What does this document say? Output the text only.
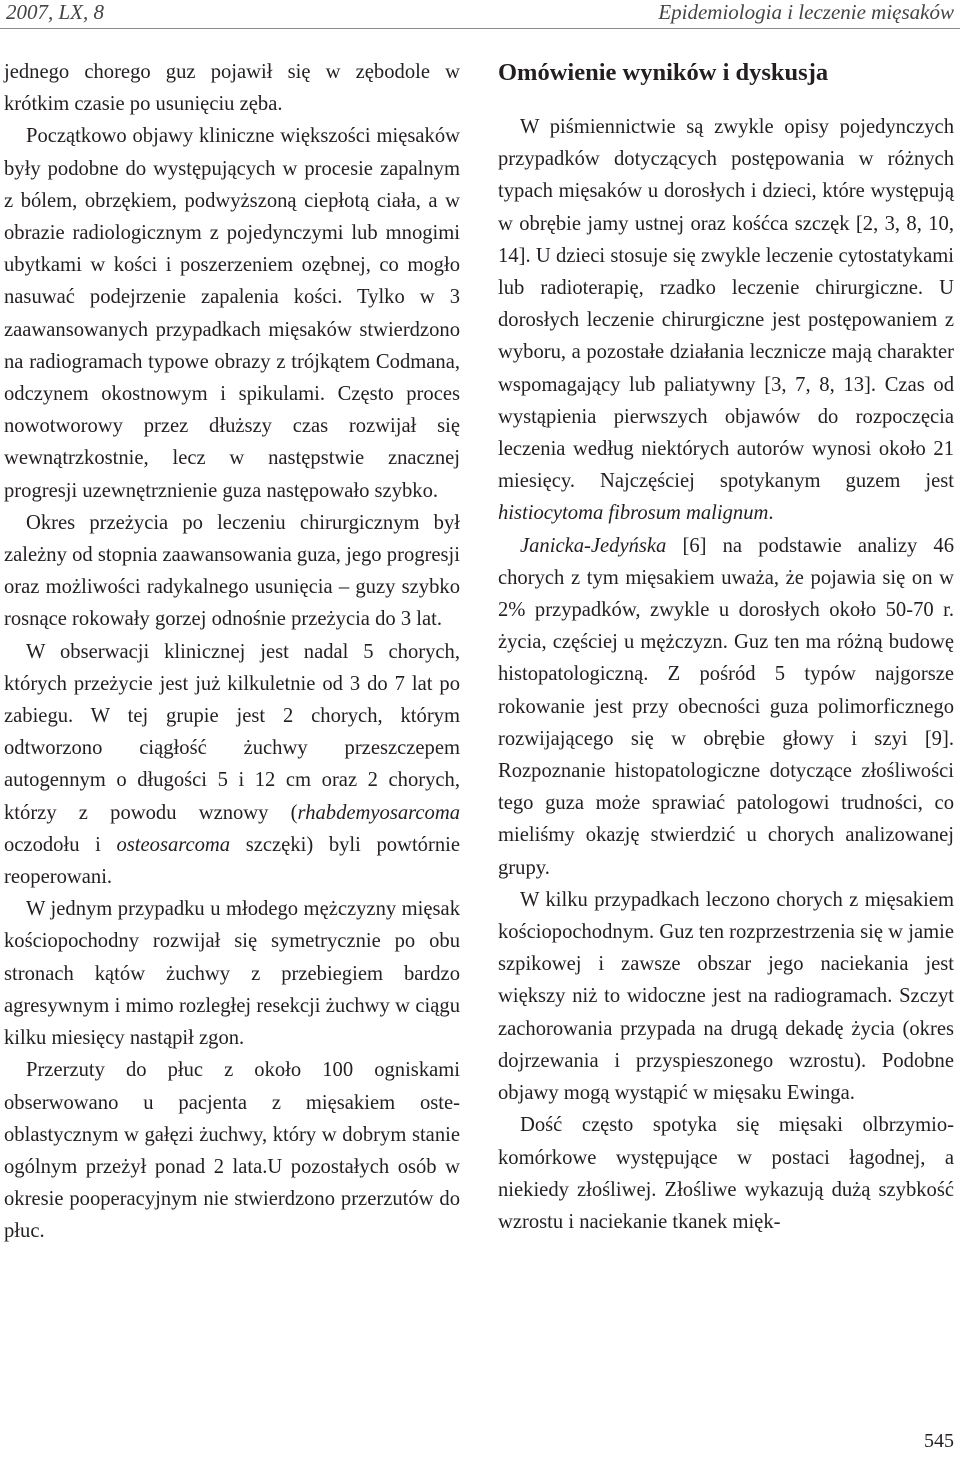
2007, LX, 8	Epidemiologia i leczenie mięsaków

jednego chorego guz pojawił się w zębodole w krótkim czasie po usunięciu zęba.

Początkowo objawy kliniczne większości mięsaków były podobne do występujących w procesie zapalnym z bólem, obrzękiem, podwyższoną ciepłotą ciała, a w obrazie radiologicznym z pojedynczymi lub mnogimi ubytkami w kości i poszerzeniem ozębnej, co mogło nasuwać podejrzenie zapalenia kości. Tylko w 3 zaawansowanych przypadkach mięsaków stwierdzono na radiogramach typowe obrazy z trójkątem Codmana, odczynem okostnowym i spikulami. Często proces nowotworowy przez dłuższy czas rozwijał się wewnątrzkostnie, lecz w następstwie znacznej progresji uzewnętrznienie guza następowało szybko.

Okres przeżycia po leczeniu chirurgicznym był zależny od stopnia zaawansowania guza, jego progresji oraz możliwości radykalnego usunięcia – guzy szybko rosnące rokowały gorzej odnośnie przeżycia do 3 lat.

W obserwacji klinicznej jest nadal 5 chorych, których przeżycie jest już kilkuletnie od 3 do 7 lat po zabiegu. W tej grupie jest 2 chorych, którym odtworzono ciągłość żuchwy przeszczepem autogennym o długości 5 i 12 cm oraz 2 chorych, którzy z powodu wznowy (rhabdemyosarcoma oczodołu i osteosarcoma szczęki) byli powtórnie reoperowani.

W jednym przypadku u młodego mężczyzny mięsak kościopochodny rozwijał się symetrycznie po obu stronach kątów żuchwy z przebiegiem bardzo agresywnym i mimo rozległej resekcji żuchwy w ciągu kilku miesięcy nastąpił zgon.

Przerzuty do płuc z około 100 ogniskami obserwowano u pacjenta z mięsakiem osteoblastycznym w gałęzi żuchwy, który w dobrym stanie ogólnym przeżył ponad 2 lata.U pozostałych osób w okresie pooperacyjnym nie stwierdzono przerzutów do płuc.

Omówienie wyników i dyskusja

W piśmiennictwie są zwykle opisy pojedynczych przypadków dotyczących postępowania w różnych typach mięsaków u dorosłych i dzieci, które występują w obrębie jamy ustnej oraz kośćca szczęk [2, 3, 8, 10, 14]. U dzieci stosuje się zwykle leczenie cytostatykami lub radioterapię, rzadko leczenie chirurgiczne. U dorosłych leczenie chirurgiczne jest postępowaniem z wyboru, a pozostałe działania lecznicze mają charakter wspomagający lub paliatywny [3, 7, 8, 13]. Czas od wystąpienia pierwszych objawów do rozpoczęcia leczenia według niektórych autorów wynosi około 21 miesięcy. Najczęściej spotykanym guzem jest histiocytoma fibrosum malignum.

Janicka-Jedyńska [6] na podstawie analizy 46 chorych z tym mięsakiem uważa, że pojawia się on w 2% przypadków, zwykle u dorosłych około 50-70 r. życia, częściej u mężczyzn. Guz ten ma różną budowę histopatologiczną. Z pośród 5 typów najgorsze rokowanie jest przy obecności guza polimorficznego rozwijającego się w obrębie głowy i szyi [9]. Rozpoznanie histopatologiczne dotyczące złośliwości tego guza może sprawiać patologowi trudności, co mieliśmy okazję stwierdzić u chorych analizowanej grupy.

W kilku przypadkach leczono chorych z mięsakiem kościopochodnym. Guz ten rozprzestrzenia się w jamie szpikowej i zawsze obszar jego naciekania jest większy niż to widoczne jest na radiogramach. Szczyt zachorowania przypada na drugą dekadę życia (okres dojrzewania i przyspieszonego wzrostu). Podobne objawy mogą wystąpić w mięsaku Ewinga.

Dość często spotyka się mięsaki olbrzymiokomórkowe występujące w postaci łagodnej, a niekiedy złośliwej. Złośliwe wykazują dużą szybkość wzrostu i naciekanie tkanek mięk-

545
